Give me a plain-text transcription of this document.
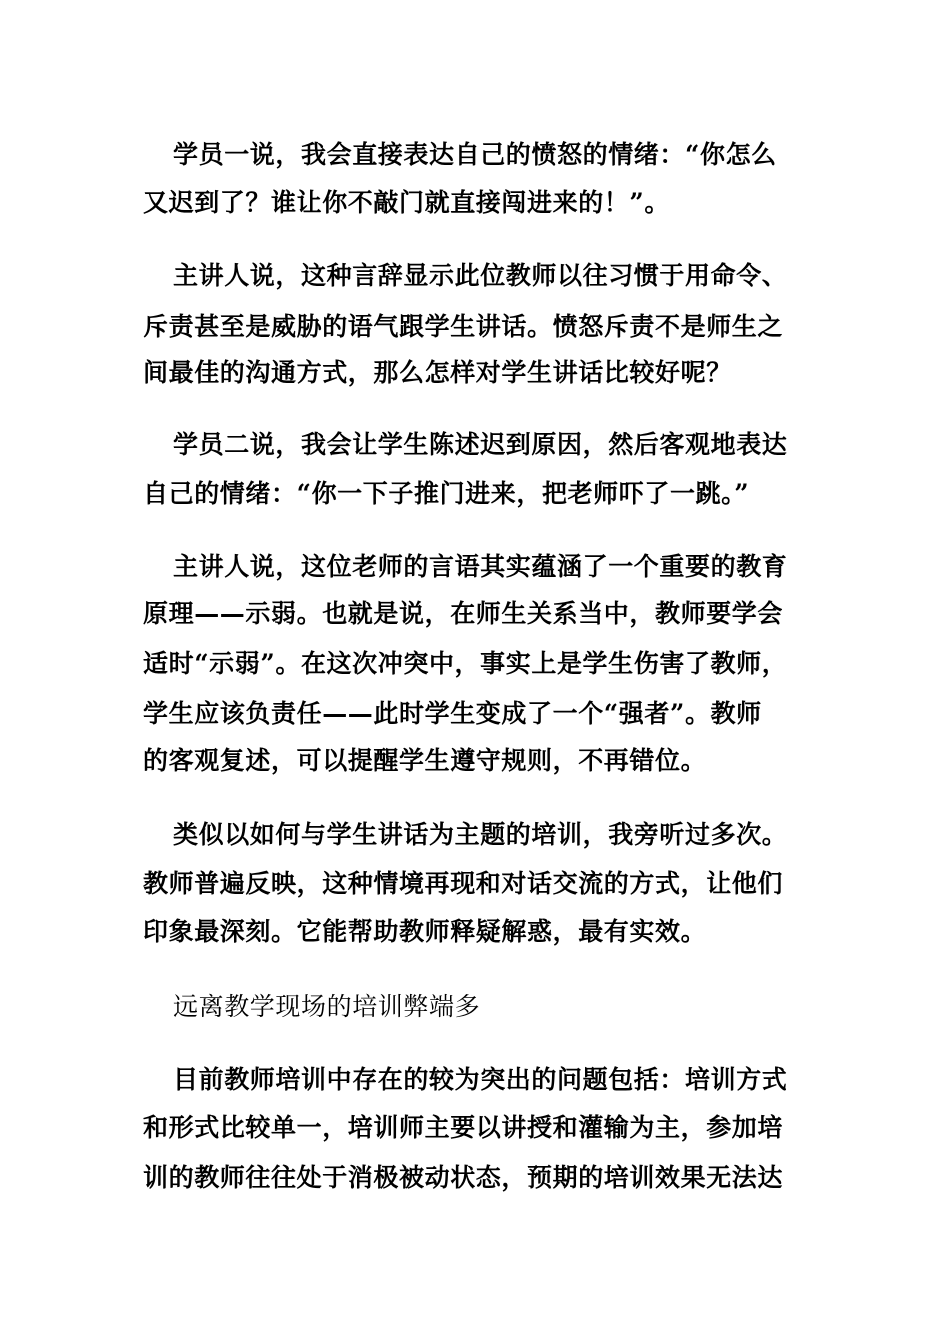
学员一说，我会直接表达自己的愤怒的情绪：“你怎么

又迟到了？谁让你不敲门就直接闯进来的！”。

主讲人说，这种言辞显示此位教师以往习惯于用命令、

斥责甚至是威胁的语气跟学生讲话。愤怒斥责不是师生之

间最佳的沟通方式，那么怎样对学生讲话比较好呢？

学员二说，我会让学生陈述迟到原因，然后客观地表达

自己的情绪：“你一下子推门进来，把老师吓了一跳。”

主讲人说，这位老师的言语其实蕴涵了一个重要的教育

原理——示弱。也就是说，在师生关系当中，教师要学会

适时“示弱”。在这次冲突中，事实上是学生伤害了教师，

学生应该负责任——此时学生变成了一个“强者”。教师

的客观复述，可以提醒学生遵守规则，不再错位。

类似以如何与学生讲话为主题的培训，我旁听过多次。

教师普遍反映，这种情境再现和对话交流的方式，让他们

印象最深刻。它能帮助教师释疑解惑，最有实效。

远离教学现场的培训弊端多

目前教师培训中存在的较为突出的问题包括：培训方式

和形式比较单一，培训师主要以讲授和灌输为主，参加培

训的教师往往处于消极被动状态，预期的培训效果无法达
